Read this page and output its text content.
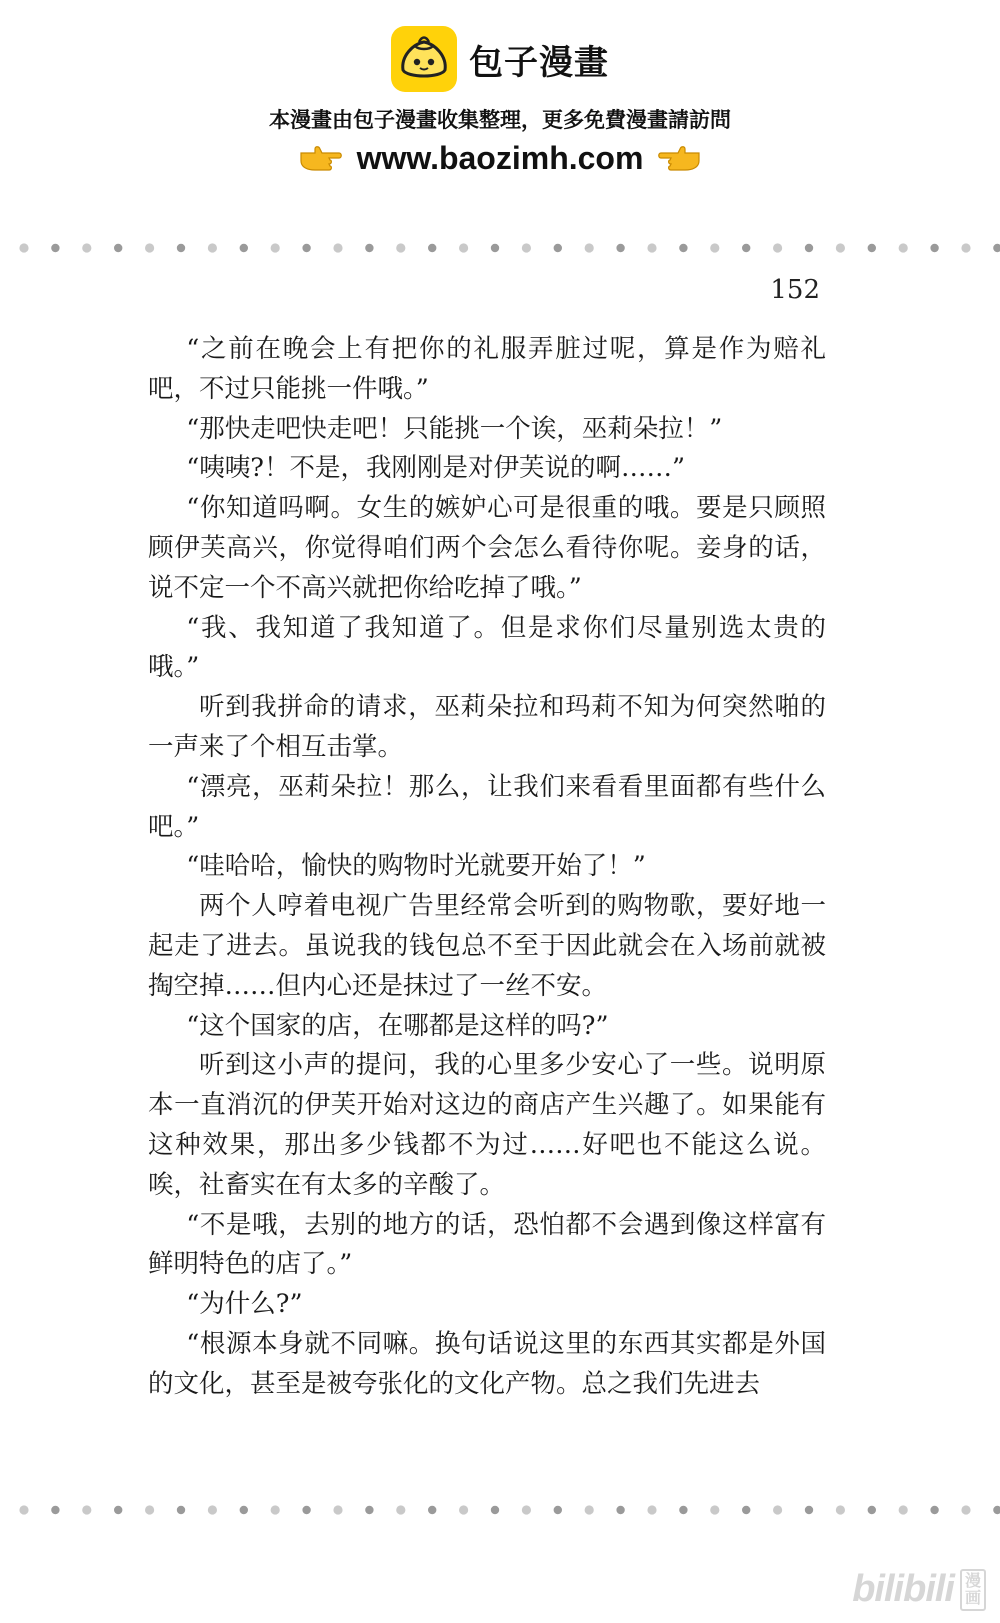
包子漫畫
本漫畫由包子漫畫收集整理，更多免費漫畫請訪問
www.baozimh.com
152

“之前在晚会上有把你的礼服弄脏过呢，算是作为赔礼吧，不过只能挑一件哦。”

“那快走吧快走吧！只能挑一个诶，巫莉朵拉！”

“咦咦?！不是，我刚刚是对伊芙说的啊……”

“你知道吗啊。女生的嫉妒心可是很重的哦。要是只顾照顾伊芙高兴，你觉得咱们两个会怎么看待你呢。妾身的话，说不定一个不高兴就把你给吃掉了哦。”

“我、我知道了我知道了。但是求你们尽量别选太贵的哦。”

听到我拼命的请求，巫莉朵拉和玛莉不知为何突然啪的一声来了个相互击掌。

“漂亮，巫莉朵拉！那么，让我们来看看里面都有些什么吧。”

“哇哈哈，愉快的购物时光就要开始了！”

两个人哼着电视广告里经常会听到的购物歌，要好地一起走了进去。虽说我的钱包总不至于因此就会在入场前就被掏空掉……但内心还是抹过了一丝不安。

“这个国家的店，在哪都是这样的吗?”

听到这小声的提问，我的心里多少安心了一些。说明原本一直消沉的伊芙开始对这边的商店产生兴趣了。如果能有这种效果，那出多少钱都不为过……好吧也不能这么说。唉，社畜实在有太多的辛酸了。

“不是哦，去别的地方的话，恐怕都不会遇到像这样富有鲜明特色的店了。”

“为什么?”

“根源本身就不同嘛。换句话说这里的东西其实都是外国的文化，甚至是被夸张化的文化产物。总之我们先进去

bilibili 漫画
